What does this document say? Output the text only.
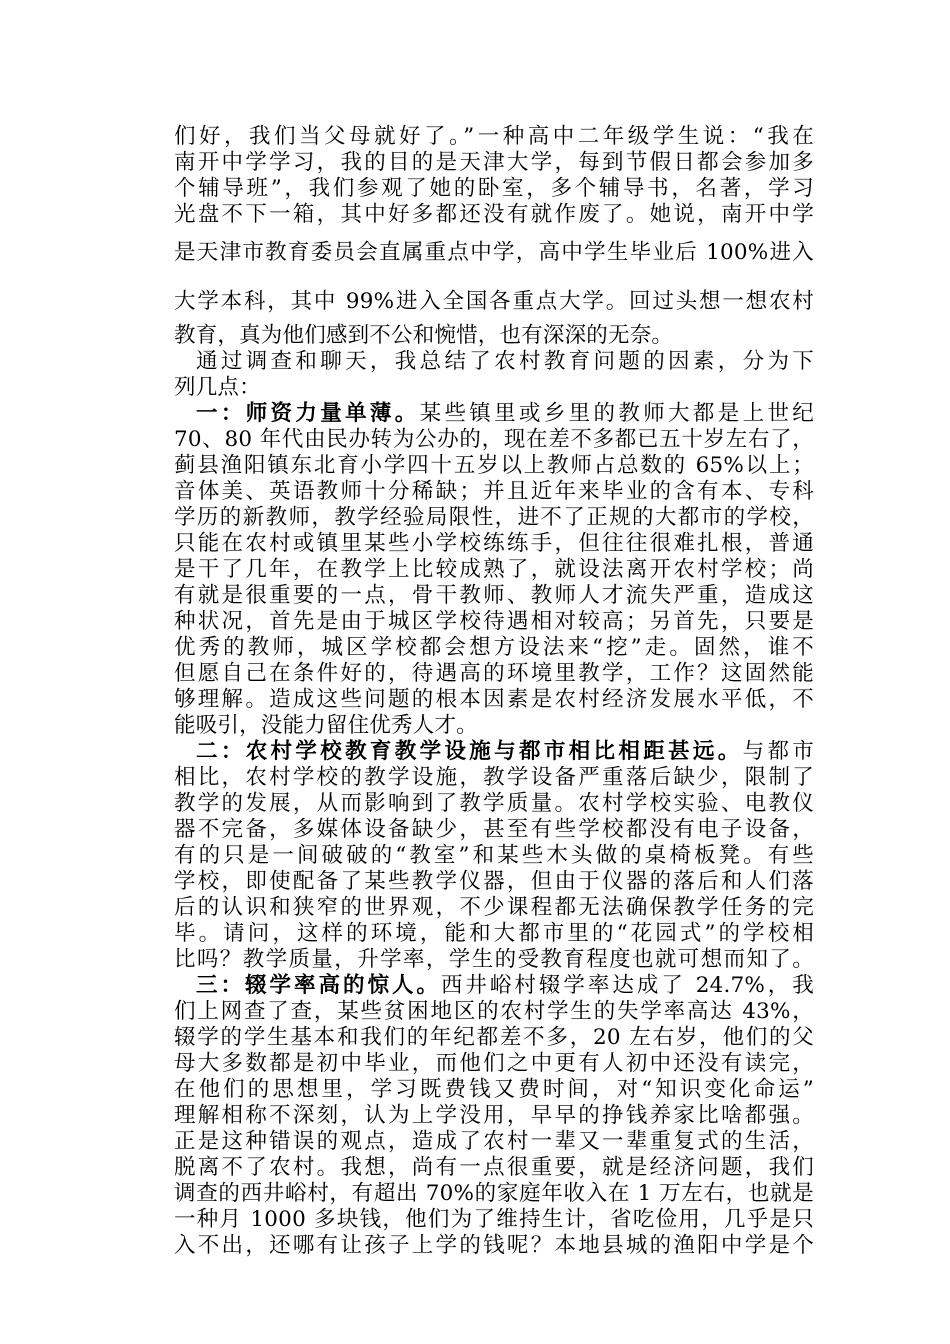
们好，我们当父母就好了。”一种高中二年级学生说：“我在
南开中学学习，我的目的是天津大学，每到节假日都会参加多
个辅导班”，我们参观了她的卧室，多个辅导书，名著，学习
光盘不下一箱，其中好多都还没有就作废了。她说，南开中学
是天津市教育委员会直属重点中学，高中学生毕业后 100%进入
大学本科，其中 99%进入全国各重点大学。回过头想一想农村
教育，真为他们感到不公和惋惜，也有深深的无奈。
通过调查和聊天，我总结了农村教育问题的因素，分为下
列几点：
一：师资力量单薄。某些镇里或乡里的教师大都是上世纪
70、80 年代由民办转为公办的，现在差不多都已五十岁左右了，
蓟县渔阳镇东北育小学四十五岁以上教师占总数的 65%以上；
音体美、英语教师十分稀缺；并且近年来毕业的含有本、专科
学历的新教师，教学经验局限性，进不了正规的大都市的学校，
只能在农村或镇里某些小学校练练手，但往往很难扎根，普通
是干了几年，在教学上比较成熟了，就设法离开农村学校；尚
有就是很重要的一点，骨干教师、教师人才流失严重，造成这
种状况，首先是由于城区学校待遇相对较高；另首先，只要是
优秀的教师，城区学校都会想方设法来“挖”走。固然，谁不
但愿自己在条件好的，待遇高的环境里教学，工作？这固然能
够理解。造成这些问题的根本因素是农村经济发展水平低，不
能吸引，没能力留住优秀人才。
二：农村学校教育教学设施与都市相比相距甚远。与都市
相比，农村学校的教学设施，教学设备严重落后缺少，限制了
教学的发展，从而影响到了教学质量。农村学校实验、电教仪
器不完备，多媒体设备缺少，甚至有些学校都没有电子设备，
有的只是一间破破的“教室”和某些木头做的桌椅板凳。有些
学校，即使配备了某些教学仪器，但由于仪器的落后和人们落
后的认识和狭窄的世界观，不少课程都无法确保教学任务的完
毕。请问，这样的环境，能和大都市里的“花园式”的学校相
比吗？教学质量，升学率，学生的受教育程度也就可想而知了。
三：辍学率高的惊人。西井峪村辍学率达成了 24.7%，我
们上网查了查，某些贫困地区的农村学生的失学率高达 43%，
辍学的学生基本和我们的年纪都差不多，20 左右岁，他们的父
母大多数都是初中毕业，而他们之中更有人初中还没有读完，
在他们的思想里，学习既费钱又费时间，对“知识变化命运”
理解相称不深刻，认为上学没用，早早的挣钱养家比啥都强。
正是这种错误的观点，造成了农村一辈又一辈重复式的生活，
脱离不了农村。我想，尚有一点很重要，就是经济问题，我们
调查的西井峪村，有超出 70%的家庭年收入在 1 万左右，也就是
一种月 1000 多块钱，他们为了维持生计，省吃俭用，几乎是只
入不出，还哪有让孩子上学的钱呢？本地县城的渔阳中学是个
